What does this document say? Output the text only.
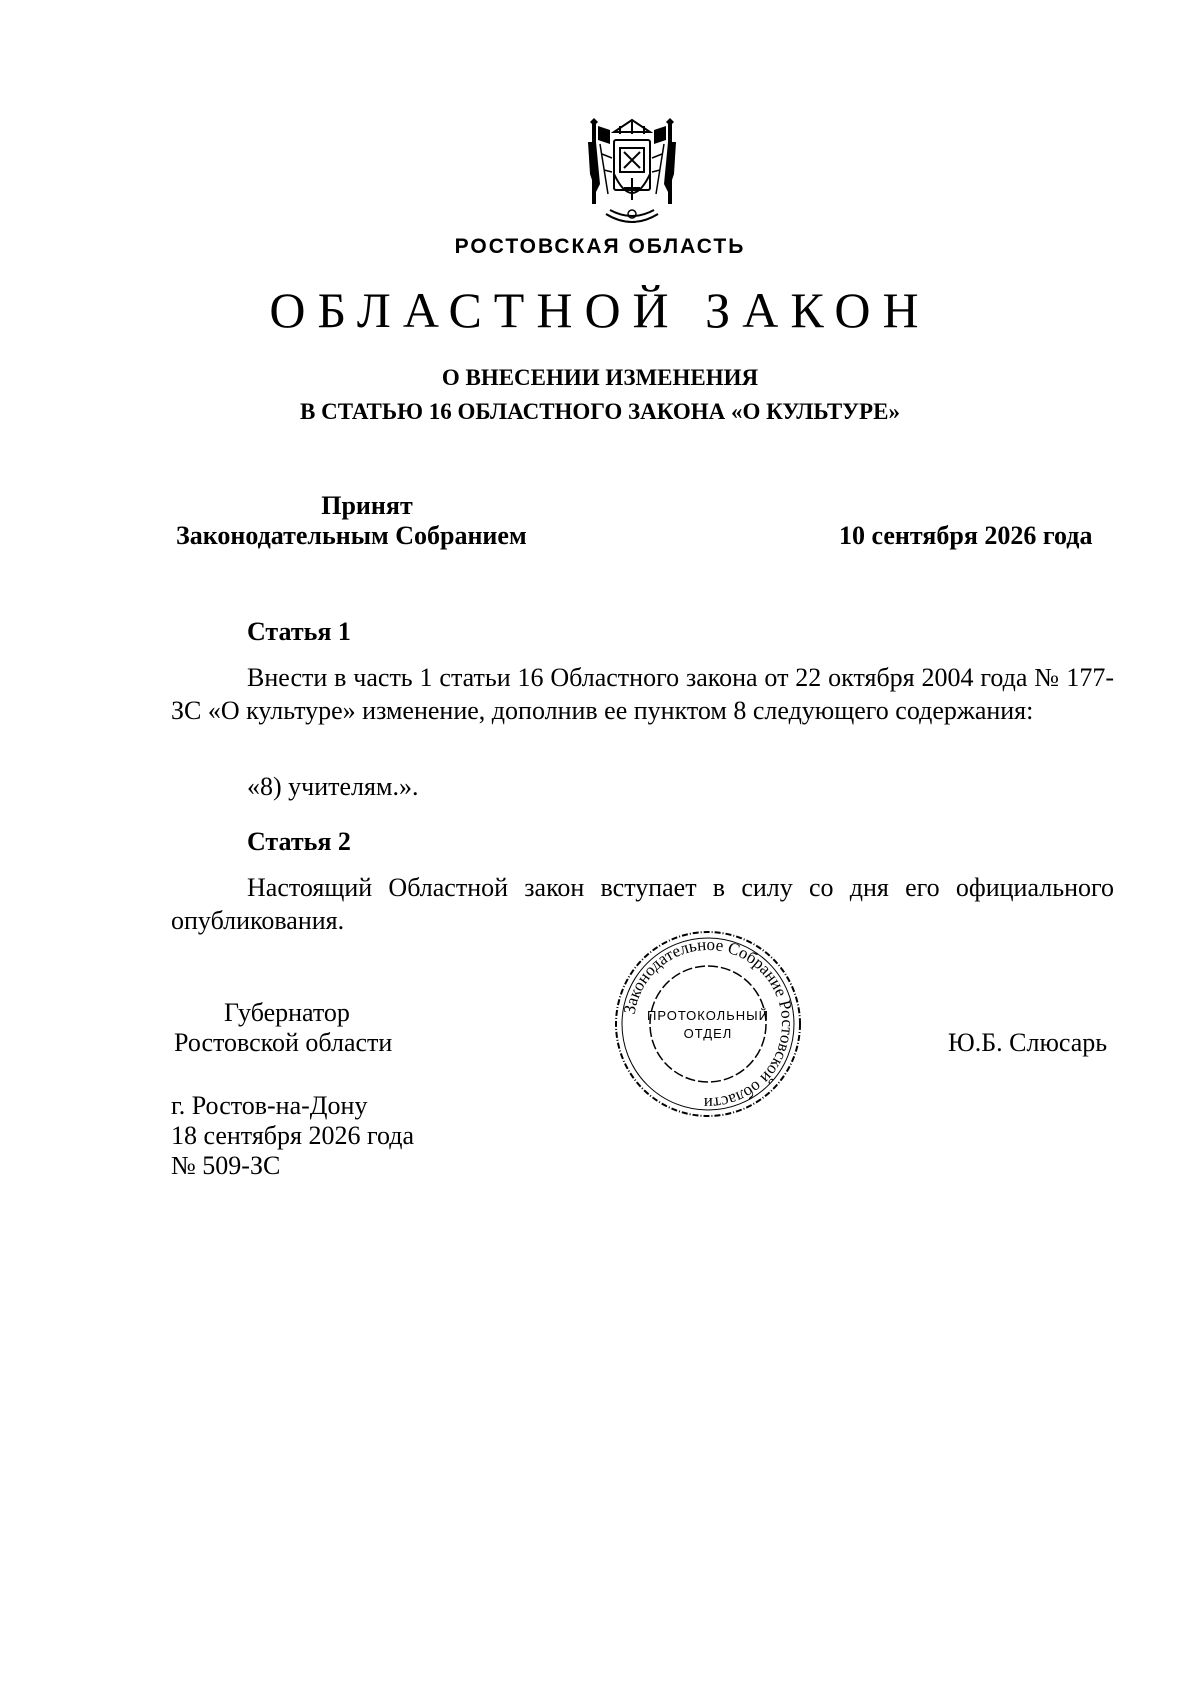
РОСТОВСКАЯ ОБЛАСТЬ
ОБЛАСТНОЙ ЗАКОН
О ВНЕСЕНИИ ИЗМЕНЕНИЯ
В СТАТЬЮ 16 ОБЛАСТНОГО ЗАКОНА «О КУЛЬТУРЕ»
Принят
Законодательным Собранием	10 сентября 2026 года
Статья 1
Внести в часть 1 статьи 16 Областного закона от 22 октября 2004 года № 177-ЗС «О культуре» изменение, дополнив ее пунктом 8 следующего содержания:
«8) учителям.».
Статья 2
Настоящий Областной закон вступает в силу со дня его официального опубликования.
Губернатор
Ростовской области	Ю.Б. Слюсарь
Законодательное Собрание Ростовской области
ПРОТОКОЛЬНЫЙ
ОТДЕЛ
г. Ростов-на-Дону
18 сентября 2026 года
№ 509-ЗС
